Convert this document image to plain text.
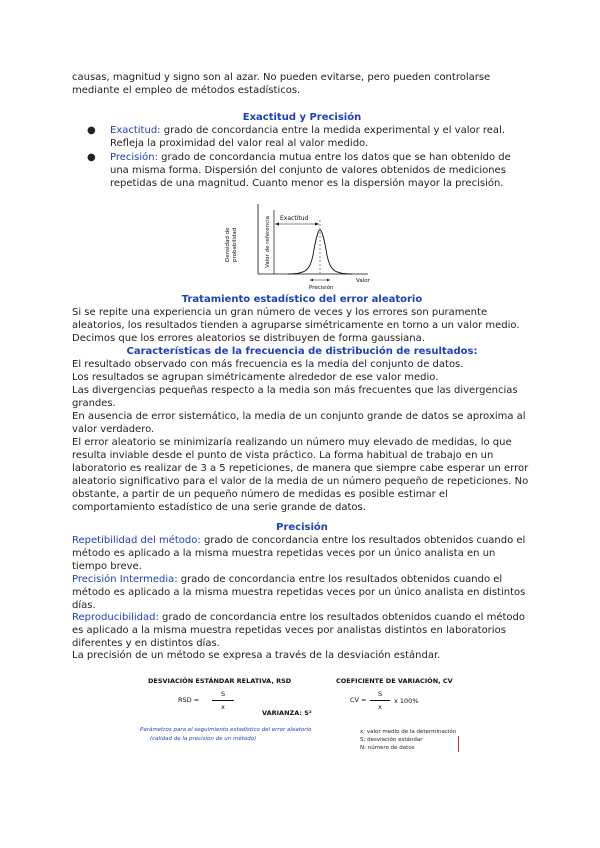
causas, magnitud y signo son al azar. No pueden evitarse, pero pueden controlarse mediante el empleo de métodos estadísticos.

Exactitud y Precisión

● Exactitud: grado de concordancia entre la medida experimental y el valor real. Refleja la proximidad del valor real al valor medido.
● Precisión: grado de concordancia mutua entre los datos que se han obtenido de una misma forma. Dispersión del conjunto de valores obtenidos de mediciones repetidas de una magnitud. Cuanto menor es la dispersión mayor la precisión.
Exactitud
Precisión
Valor
Densidad de probabilidad	Valor de referencia

Tratamiento estadístico del error aleatorio

Si se repite una experiencia un gran número de veces y los errores son puramente aleatorios, los resultados tienden a agruparse simétricamente en torno a un valor medio. Decimos que los errores aleatorios se distribuyen de forma gaussiana.

Características de la frecuencia de distribución de resultados:

El resultado observado con más frecuencia es la media del conjunto de datos.

Los resultados se agrupan simétricamente alrededor de ese valor medio.

Las divergencias pequeñas respecto a la media son más frecuentes que las divergencias grandes.

En ausencia de error sistemático, la media de un conjunto grande de datos se aproxima al valor verdadero.

El error aleatorio se minimizaría realizando un número muy elevado de medidas, lo que resulta inviable desde el punto de vista práctico. La forma habitual de trabajo en un laboratorio es realizar de 3 a 5 repeticiones, de manera que siempre cabe esperar un error aleatorio significativo para el valor de la media de un número pequeño de repeticiones. No obstante, a partir de un pequeño número de medidas es posible estimar el comportamiento estadístico de una serie grande de datos.

Precisión

Repetibilidad del método: grado de concordancia entre los resultados obtenidos cuando el método es aplicado a la misma muestra repetidas veces por un único analista en un tiempo breve.

Precisión Intermedia: grado de concordancia entre los resultados obtenidos cuando el método es aplicado a la misma muestra repetidas veces por un único analista en distintos días.

Reproducibilidad: grado de concordancia entre los resultados obtenidos cuando el método es aplicado a la misma muestra repetidas veces por analistas distintos en laboratorios diferentes y en distintos días.

La precisión de un método se expresa a través de la desviación estándar.

DESVIACIÓN ESTÁNDAR RELATIVA, RSD	COEFICIENTE DE VARIACIÓN, CV
RSD =
S
x
CV =
S
x
x 100%
VARIANZA: S²
Parámetros para el seguimiento estadístico del error aleatorio
(calidad de la precisión de un método)
x: valor medio de la determinación
S: desviación estándar
N: número de datos
